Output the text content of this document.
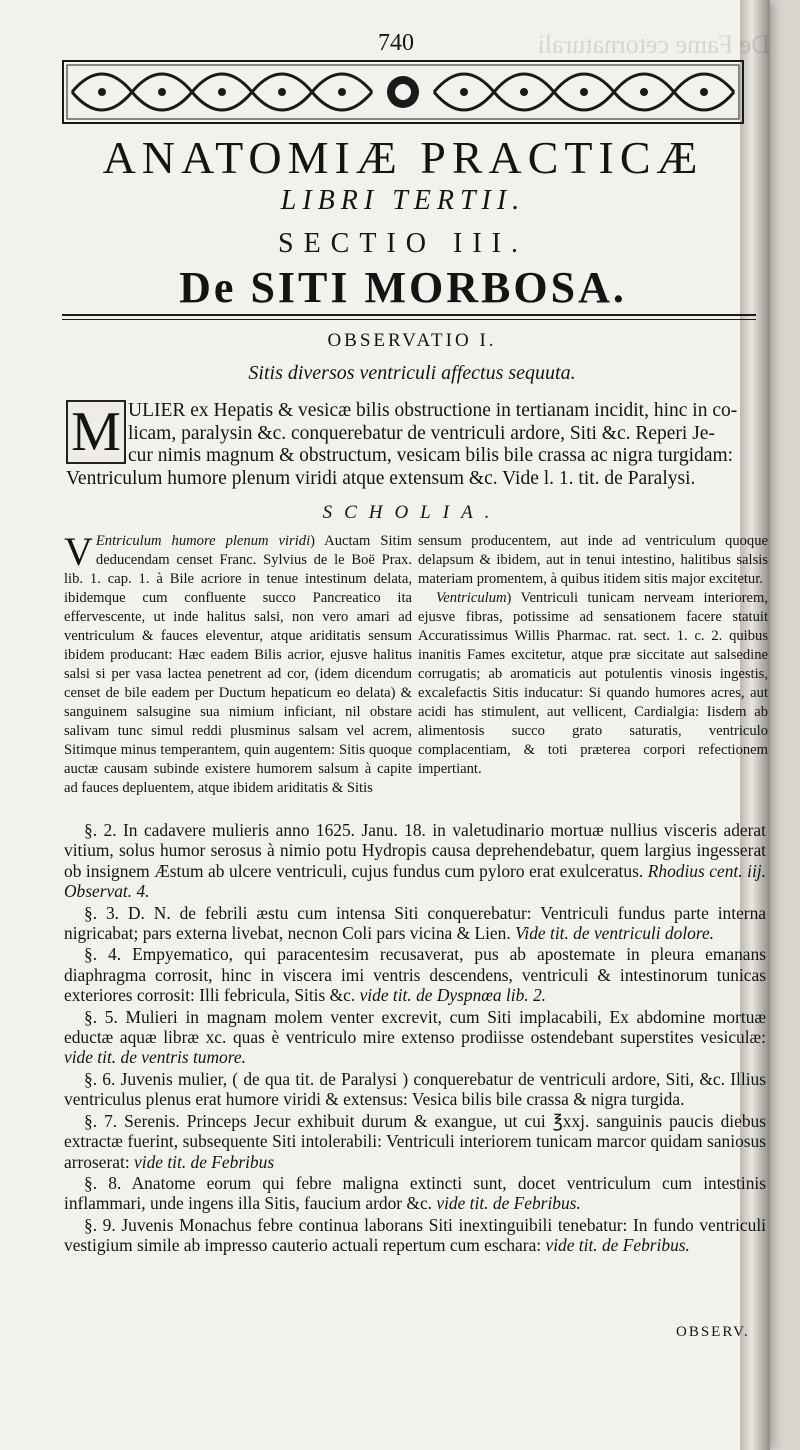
De Fame cetornaturali
740
ANATOMIÆ PRACTICÆ
LIBRI TERTII.
SECTIO III.
De SITI MORBOSA.
OBSERVATIO I.
Sitis diversos ventriculi affectus sequuta.
ULIER ex Hepatis & vesicæ bilis obstructione in tertianam incidit, hinc in co-
licam, paralysin &c. conquerebatur de ventriculi ardore, Siti &c. Reperi Je-
cur nimis magnum & obstructum, vesicam bilis bile crassa ac nigra turgidam:
Ventriculum humore plenum viridi atque extensum &c. Vide l. 1. tit. de Paralysi.
M
SCHOLIA.

V Entriculum humore plenum viridi) Auctam Sitim deducendam censet Franc. Sylvius de le Boë Prax. lib. 1. cap. 1. à Bile acriore in tenue intestinum delata, ibidemque cum confluente succo Pancreatico ita effervescente, ut inde halitus salsi, non vero amari ad ventriculum & fauces eleventur, atque ariditatis sensum ibidem producant: Hæc eadem Bilis acrior, ejusve halitus salsi si per vasa lactea penetrent ad cor, (idem dicendum censet de bile eadem per Ductum hepaticum eo delata) & sanguinem salsugine sua nimium inficiant, nil obstare salivam tunc simul reddi plusminus salsam vel acrem, Sitimque minus temperantem, quin augentem: Sitis quoque auctæ causam subinde existere humorem salsum à capite ad fauces depluentem, atque ibidem ariditatis & Sitis

sensum producentem, aut inde ad ventriculum quoque delapsum & ibidem, aut in tenui intestino, halitibus salsis materiam promentem, à quibus itidem sitis major excitetur.

Ventriculum) Ventriculi tunicam nerveam interiorem, ejusve fibras, potissime ad sensationem facere statuit Accuratissimus Willis Pharmac. rat. sect. 1. c. 2. quibus inanitis Fames excitetur, atque præ siccitate aut salsedine corrugatis; ab aromaticis aut potulentis vinosis ingestis, excalefactis Sitis inducatur: Si quando humores acres, aut acidi has stimulent, aut vellicent, Cardialgia: Iisdem ab alimentosis succo grato saturatis, ventriculo complacentiam, & toti præterea corpori refectionem impertiant.

§. 2. In cadavere mulieris anno 1625. Janu. 18. in valetudinario mortuæ nullius visceris aderat vitium, solus humor serosus à nimio potu Hydropis causa deprehendebatur, quem largius ingesserat ob insignem Æstum ab ulcere ventriculi, cujus fundus cum pyloro erat exulceratus. Rhodius cent. iij. Observat. 4.

§. 3. D. N. de febrili æstu cum intensa Siti conquerebatur: Ventriculi fundus parte interna nigricabat; pars externa livebat, necnon Coli pars vicina & Lien. Vide tit. de ventriculi dolore.

§. 4. Empyematico, qui paracentesim recusaverat, pus ab apostemate in pleura emanans diaphragma corrosit, hinc in viscera imi ventris descendens, ventriculi & intestinorum tunicas exteriores corrosit: Illi febricula, Sitis &c. vide tit. de Dyspnœa lib. 2.

§. 5. Mulieri in magnam molem venter excrevit, cum Siti implacabili, Ex abdomine mortuæ eductæ aquæ libræ xc. quas è ventriculo mire extenso prodiisse ostendebant superstites vesiculæ: vide tit. de ventris tumore.

§. 6. Juvenis mulier, ( de qua tit. de Paralysi ) conquerebatur de ventriculi ardore, Siti, &c. Illius ventriculus plenus erat humore viridi & extensus: Vesica bilis bile crassa & nigra turgida.

§. 7. Serenis. Princeps Jecur exhibuit durum & exangue, ut cui ℥xxj. sanguinis paucis diebus extractæ fuerint, subsequente Siti intolerabili: Ventriculi interiorem tunicam marcor quidam saniosus arroserat: vide tit. de Febribus

§. 8. Anatome eorum qui febre maligna extincti sunt, docet ventriculum cum intestinis inflammari, unde ingens illa Sitis, faucium ardor &c. vide tit. de Febribus.

§. 9. Juvenis Monachus febre continua laborans Siti inextinguibili tenebatur: In fundo ventriculi vestigium simile ab impresso cauterio actuali repertum cum eschara: vide tit. de Febribus.

OBSERV.
